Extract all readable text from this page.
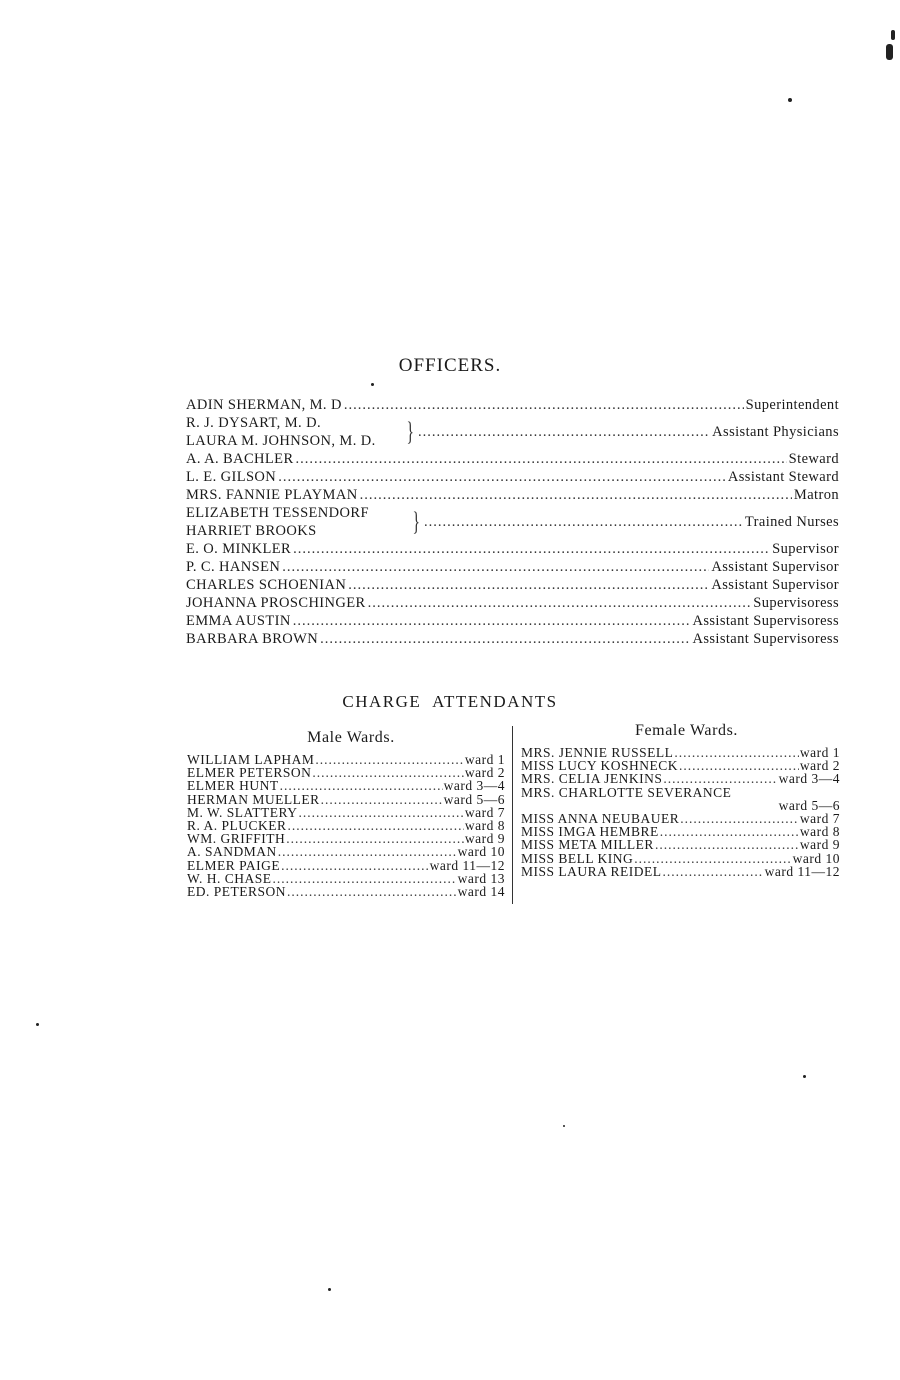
OFFICERS.
ADIN SHERMAN, M. D .....	Superintendent
R. J. DYSART, M. D.
LAURA M. JOHNSON, M. D. } .....	Assistant Physicians
A. A. BACHLER .....	Steward
L. E. GILSON .....	Assistant Steward
MRS. FANNIE PLAYMAN .....	Matron
ELIZABETH TESSENDORF
HARRIET BROOKS	} .....	Trained Nurses
E. O. MINKLER .....	Supervisor
P. C. HANSEN .....	Assistant Supervisor
CHARLES SCHOENIAN .....	Assistant Supervisor
JOHANNA PROSCHINGER .....	Supervisoress
EMMA AUSTIN .....	Assistant Supervisoress
BARBARA BROWN .....	Assistant Supervisoress
CHARGE ATTENDANTS
Male Wards.
WILLIAM LAPHAM .....	ward 1
ELMER PETERSON .....	ward 2
ELMER HUNT .....	ward 3—4
HERMAN MUELLER .....	ward 5—6
M. W. SLATTERY .....	ward 7
R. A. PLUCKER .....	ward 8
WM. GRIFFITH .....	ward 9
A. SANDMAN .....	ward 10
ELMER PAIGE .....	ward 11—12
W. H. CHASE .....	ward 13
ED. PETERSON .....	ward 14
Female Wards.
MRS. JENNIE RUSSELL .....	ward 1
MISS LUCY KOSHNECK .....	ward 2
MRS. CELIA JENKINS .....	ward 3—4
MRS. CHARLOTTE SEVERANCE
ward 5—6
MISS ANNA NEUBAUER .....	ward 7
MISS IMGA HEMBRE .....	ward 8
MISS META MILLER .....	ward 9
MISS BELL KING .....	ward 10
MISS LAURA REIDEL .....	ward 11—12
